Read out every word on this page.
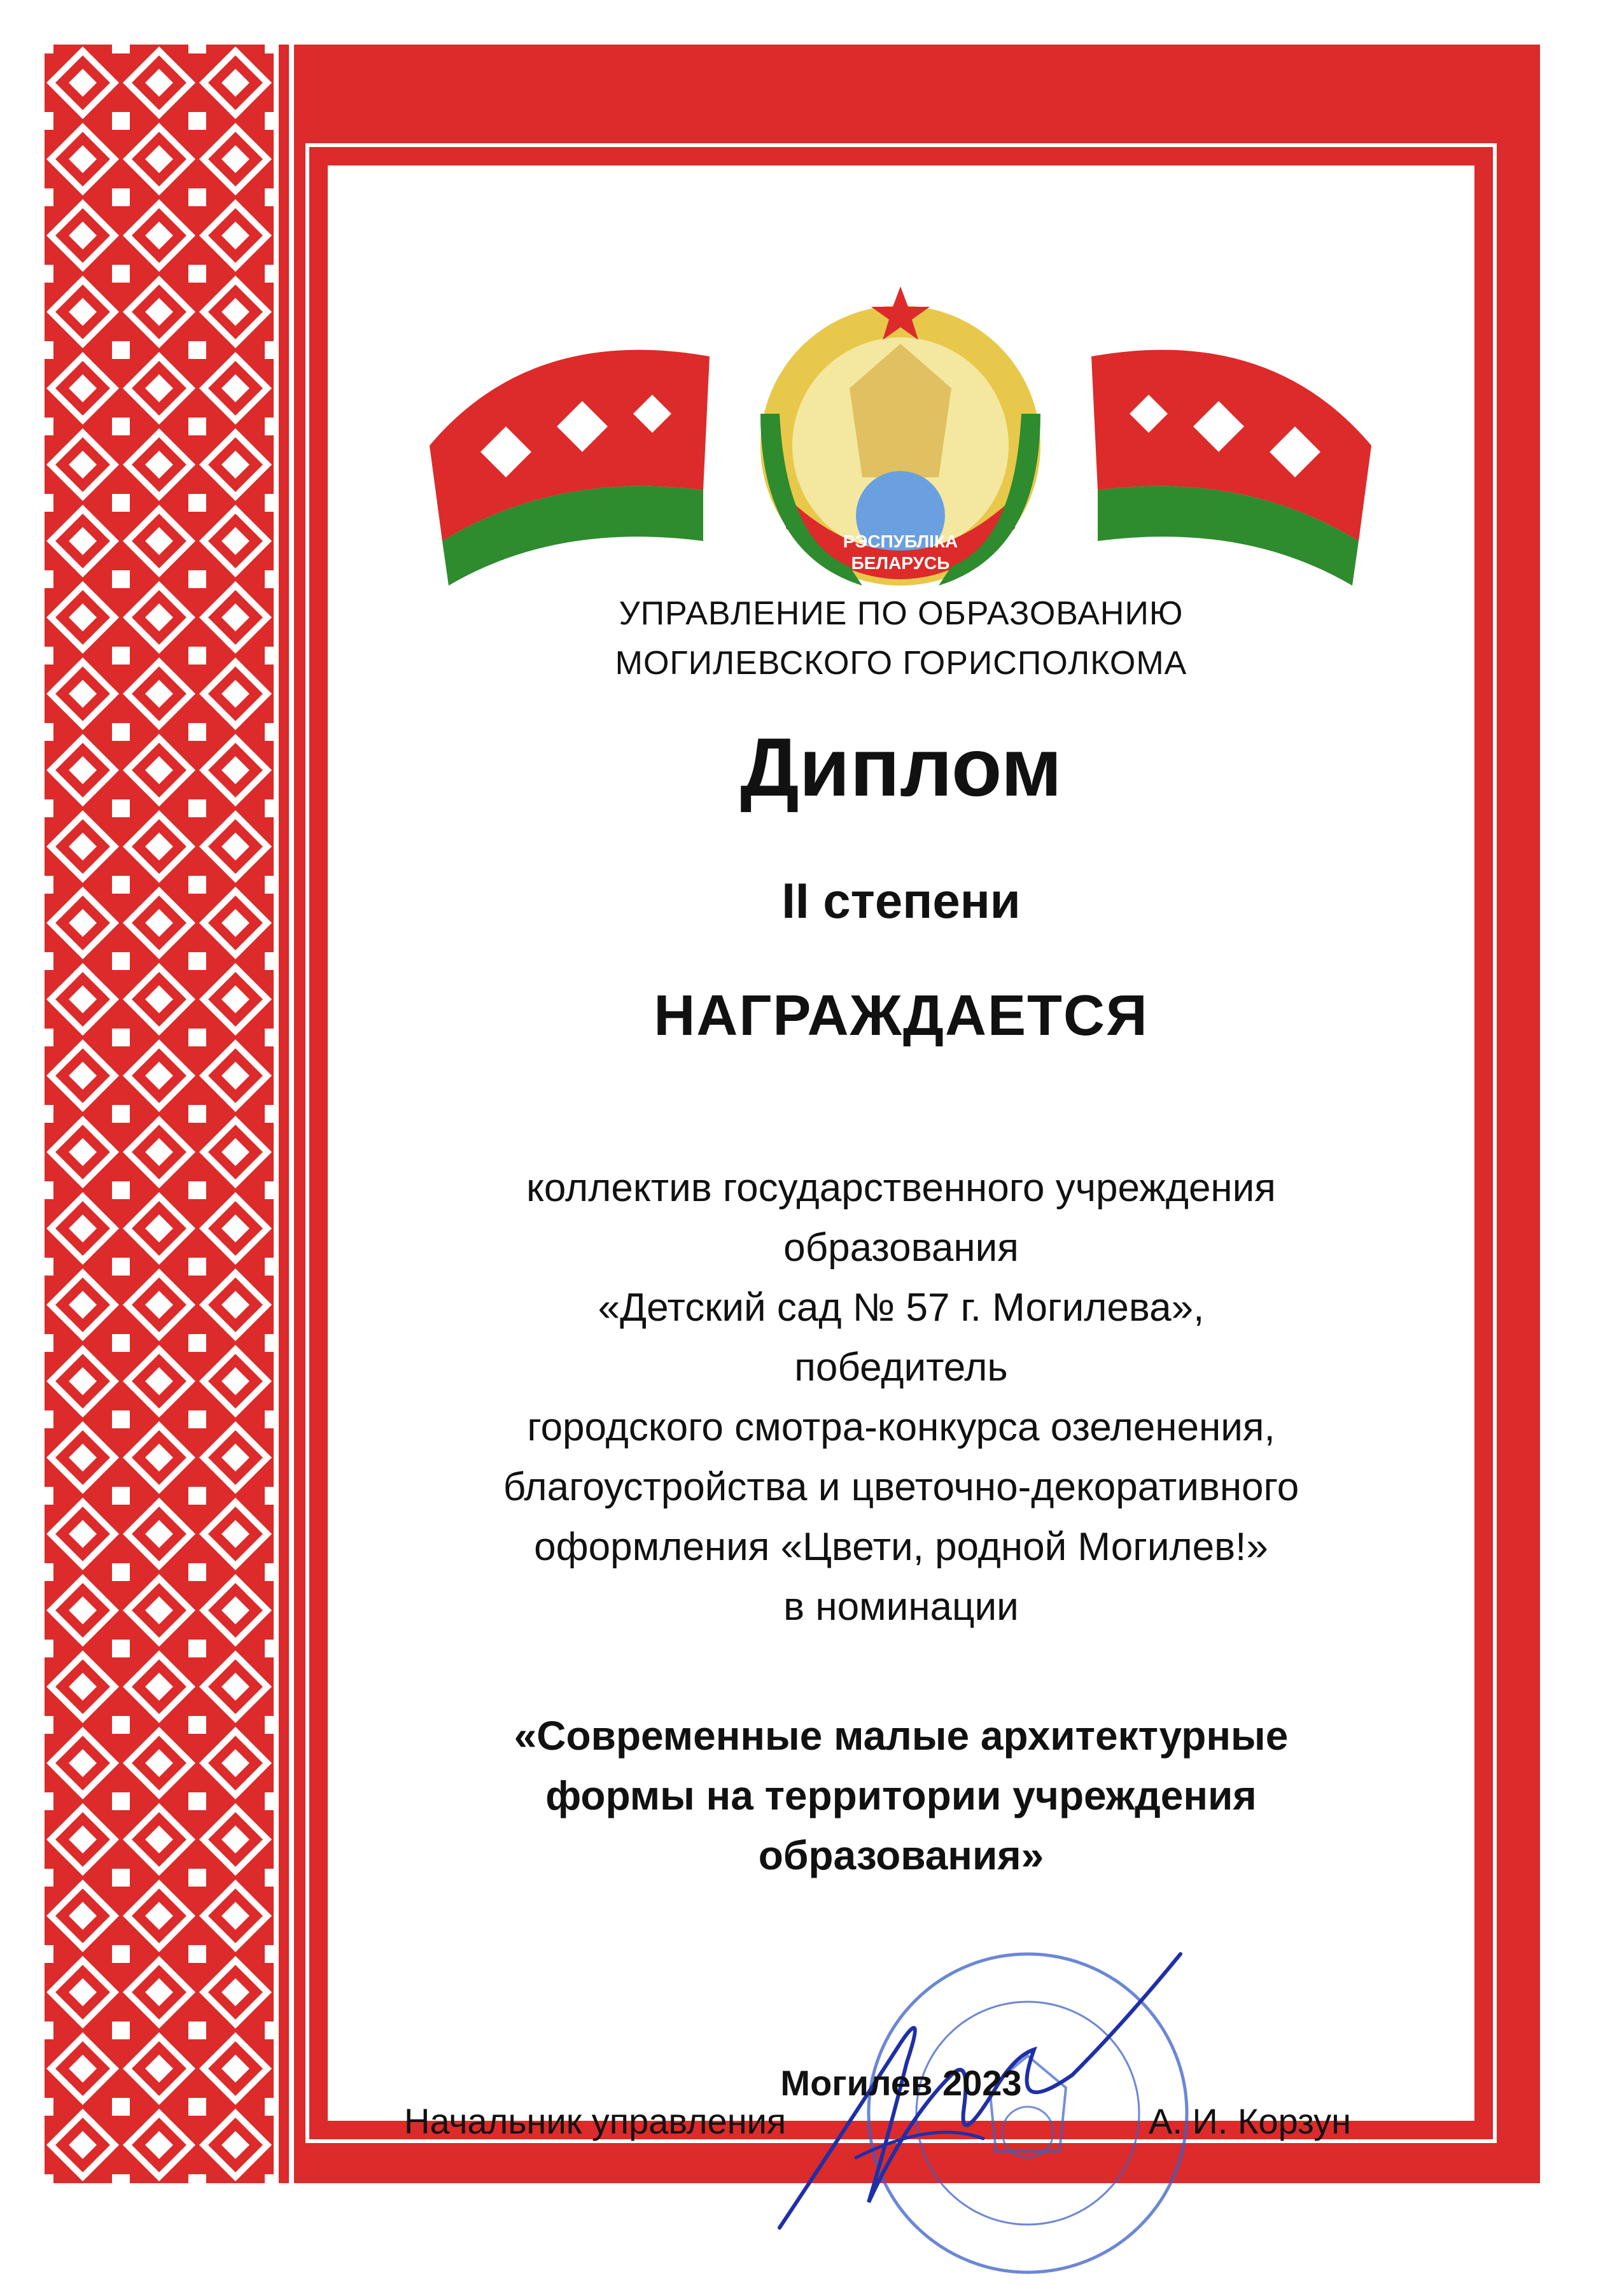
РЭСПУБЛІКА
БЕЛАРУСЬ
УПРАВЛЕНИЕ ПО ОБРАЗОВАНИЮ
МОГИЛЕВСКОГО ГОРИСПОЛКОМА
Диплом
II степени
НАГРАЖДАЕТСЯ
коллектив государственного учреждения
образования
«Детский сад № 57 г. Могилева»,
победитель
городского смотра-конкурса озеленения,
благоустройства и цветочно-декоративного
оформления «Цвети, родной Могилев!»
в номинации
«Современные малые архитектурные
формы на территории учреждения
образования»
Начальник управления	А. И. Корзун
Могилев 2023
